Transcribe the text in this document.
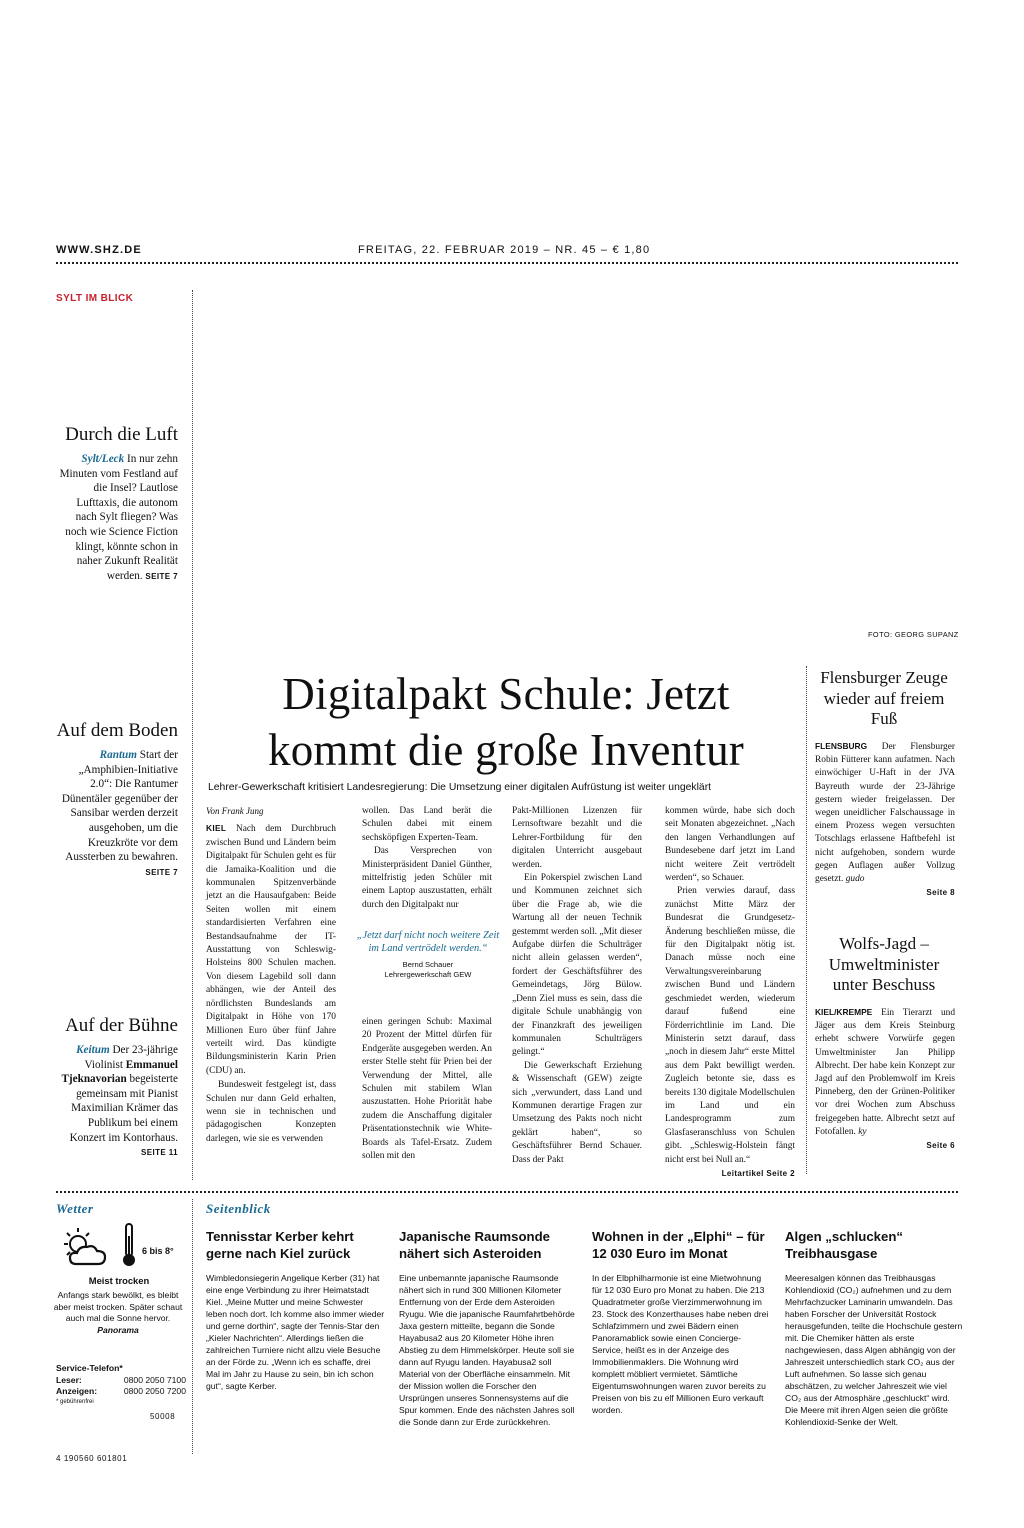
WWW.SHZ.DE	FREITAG, 22. FEBRUAR 2019 – NR. 45 – € 1,80
SYLT IM BLICK
Durch die Luft
Sylt/Leck In nur zehn Minuten vom Festland auf die Insel? Lautlose Lufttaxis, die autonom nach Sylt fliegen? Was noch wie Science Fiction klingt, könnte schon in naher Zukunft Realität werden. SEITE 7
Auf dem Boden
Rantum Start der „Amphibien-Initiative 2.0“: Die Rantumer Dünentäler gegenüber der Sansibar werden derzeit ausgehoben, um die Kreuzkröte vor dem Aussterben zu bewahren. SEITE 7
Auf der Bühne
Keitum Der 23-jährige Violinist Emmanuel Tjeknavorian begeisterte gemeinsam mit Pianist Maximilian Krämer das Publikum bei einem Konzert im Kontorhaus. SEITE 11
FOTO: GEORG SUPANZ
Digitalpakt Schule: Jetzt
kommt die große Inventur
Lehrer-Gewerkschaft kritisiert Landesregierung: Die Umsetzung einer digitalen Aufrüstung ist weiter ungeklärt

Von Frank Jung

KIEL Nach dem Durchbruch zwischen Bund und Ländern beim Digitalpakt für Schulen geht es für die Jamaika-Koalition und die kommunalen Spitzenverbände jetzt an die Hausaufgaben: Beide Seiten wollen mit einem standardisierten Verfahren eine Bestandsaufnahme der IT-Ausstattung von Schleswig-Holsteins 800 Schulen machen. Von diesem Lagebild soll dann abhängen, wie der Anteil des nördlichsten Bundeslands am Digitalpakt in Höhe von 170 Millionen Euro über fünf Jahre verteilt wird. Das kündigte Bildungsministerin Karin Prien (CDU) an.

Bundesweit festgelegt ist, dass Schulen nur dann Geld erhalten, wenn sie in technischen und pädagogischen Konzepten darlegen, wie sie es verwenden

wollen. Das Land berät die Schulen dabei mit einem sechsköpfigen Experten-Team.

Das Versprechen von Ministerpräsident Daniel Günther, mittelfristig jeden Schüler mit einem Laptop auszustatten, erhält durch den Digitalpakt nur

„Jetzt darf nicht noch weitere Zeit im Land vertrödelt werden.“
Bernd Schauer
Lehrergewerkschaft GEW
einen geringen Schub: Maximal 20 Prozent der Mittel dürfen für Endgeräte ausgegeben werden. An erster Stelle steht für Prien bei der Verwendung der Mittel, alle Schulen mit stabilem Wlan auszustatten. Hohe Priorität habe zudem die Anschaffung digitaler Präsentationstechnik wie White-Boards als Tafel-Ersatz. Zudem sollen mit den

Pakt-Millionen Lizenzen für Lernsoftware bezahlt und die Lehrer-Fortbildung für den digitalen Unterricht ausgebaut werden.

Ein Pokerspiel zwischen Land und Kommunen zeichnet sich über die Frage ab, wie die Wartung all der neuen Technik gestemmt werden soll. „Mit dieser Aufgabe dürfen die Schulträger nicht allein gelassen werden“, fordert der Geschäftsführer des Gemeindetags, Jörg Bülow. „Denn Ziel muss es sein, dass die digitale Schule unabhängig von der Finanzkraft des jeweiligen kommunalen Schulträgers gelingt.“

Die Gewerkschaft Erziehung & Wissenschaft (GEW) zeigte sich „verwundert, dass Land und Kommunen derartige Fragen zur Umsetzung des Pakts noch nicht geklärt haben“, so Geschäftsführer Bernd Schauer. Dass der Pakt

kommen würde, habe sich doch seit Monaten abgezeichnet. „Nach den langen Verhandlungen auf Bundesebene darf jetzt im Land nicht weitere Zeit vertrödelt werden“, so Schauer.

Prien verwies darauf, dass zunächst Mitte März der Bundesrat die Grundgesetz-Änderung beschließen müsse, die für den Digitalpakt nötig ist. Danach müsse noch eine Verwaltungsvereinbarung zwischen Bund und Ländern geschmiedet werden, wiederum darauf fußend eine Förderrichtlinie im Land. Die Ministerin setzt darauf, dass „noch in diesem Jahr“ erste Mittel aus dem Pakt bewilligt werden. Zugleich betonte sie, dass es bereits 130 digitale Modellschulen im Land und ein Landesprogramm zum Glasfaseranschluss von Schulen gibt. „Schleswig-Holstein fängt nicht erst bei Null an.“

Leitartikel Seite 2

Flensburger Zeuge wieder auf freiem Fuß
FLENSBURG Der Flensburger Robin Fütterer kann aufatmen. Nach einwöchiger U-Haft in der JVA Bayreuth wurde der 23-Jährige gestern wieder freigelassen. Der wegen uneidlicher Falschaussage in einem Prozess wegen versuchten Totschlags erlassene Haftbefehl ist nicht aufgehoben, sondern wurde gegen Auflagen außer Vollzug gesetzt. gudo
Seite 8
Wolfs-Jagd – Umweltminister unter Beschuss
KIEL/KREMPE Ein Tierarzt und Jäger aus dem Kreis Steinburg erhebt schwere Vorwürfe gegen Umweltminister Jan Philipp Albrecht. Der habe kein Konzept zur Jagd auf den Problemwolf im Kreis Pinneberg, den der Grünen-Politiker vor drei Wochen zum Abschuss freigegeben hatte. Albrecht setzt auf Fotofallen. ky
Seite 6
Wetter
6 bis 8°
Meist trocken
Anfangs stark bewölkt, es bleibt aber meist trocken. Später schaut auch mal die Sonne hervor. Panorama
Service-Telefon*
Leser:	0800 2050 7100
Anzeigen:	0800 2050 7200
* gebührenfrei
50008
4 190560 601801
Seitenblick
Tennisstar Kerber kehrt gerne nach Kiel zurück
Wimbledonsiegerin Angelique Kerber (31) hat eine enge Verbindung zu ihrer Heimatstadt Kiel. „Meine Mutter und meine Schwester leben noch dort. Ich komme also immer wieder und gerne dorthin“, sagte der Tennis-Star den „Kieler Nachrichten“. Allerdings ließen die zahlreichen Turniere nicht allzu viele Besuche an der Förde zu. „Wenn ich es schaffe, drei Mal im Jahr zu Hause zu sein, bin ich schon gut“, sagte Kerber.
Japanische Raumsonde nähert sich Asteroiden
Eine unbemannte japanische Raumsonde nähert sich in rund 300 Millionen Kilometer Entfernung von der Erde dem Asteroiden Ryugu. Wie die japanische Raumfahrtbehörde Jaxa gestern mitteilte, begann die Sonde Hayabusa2 aus 20 Kilometer Höhe ihren Abstieg zu dem Himmelskörper. Heute soll sie dann auf Ryugu landen. Hayabusa2 soll Material von der Oberfläche einsammeln. Mit der Mission wollen die Forscher den Ursprüngen unseres Sonnensystems auf die Spur kommen. Ende des nächsten Jahres soll die Sonde dann zur Erde zurückkehren.
Wohnen in der „Elphi“ – für 12 030 Euro im Monat
In der Elbphilharmonie ist eine Mietwohnung für 12 030 Euro pro Monat zu haben. Die 213 Quadratmeter große Vierzimmerwohnung im 23. Stock des Konzerthauses habe neben drei Schlafzimmern und zwei Bädern einen Panoramablick sowie einen Concierge-Service, heißt es in der Anzeige des Immobilienmaklers. Die Wohnung wird komplett möbliert vermietet. Sämtliche Eigentumswohnungen waren zuvor bereits zu Preisen von bis zu elf Millionen Euro verkauft worden.
Algen „schlucken“ Treibhausgase
Meeresalgen können das Treibhausgas Kohlendioxid (CO₂) aufnehmen und zu dem Mehrfachzucker Laminarin umwandeln. Das haben Forscher der Universität Rostock herausgefunden, teilte die Hochschule gestern mit. Die Chemiker hätten als erste nachgewiesen, dass Algen abhängig von der Jahreszeit unterschiedlich stark CO₂ aus der Luft aufnehmen. So lasse sich genau abschätzen, zu welcher Jahreszeit wie viel CO₂ aus der Atmosphäre „geschluckt“ wird. Die Meere mit ihren Algen seien die größte Kohlendioxid-Senke der Welt.
